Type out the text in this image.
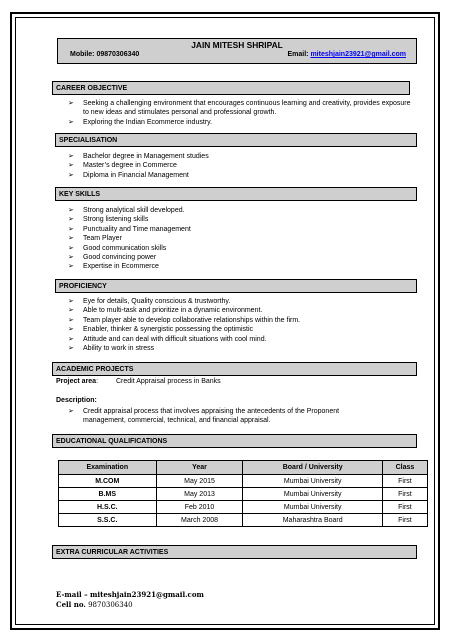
JAIN MITESH SHRIPAL
Mobile: 09870306340	Email: miteshjain23921@gmail.com
CAREER OBJECTIVE
➢ Seeking a challenging environment that encourages continuous learning and creativity, provides exposure to new ideas and stimulates personal and professional growth.
➢ Exploring the Indian Ecommerce industry.
SPECIALISATION
➢ Bachelor degree in Management studies
➢ Master’s degree in Commerce
➢ Diploma in Financial Management
KEY SKILLS
➢ Strong analytical skill developed.
➢ Strong listening skills
➢ Punctuality and Time management
➢ Team Player
➢ Good communication skills
➢ Good convincing power
➢ Expertise in Ecommerce
PROFICIENCY
➢ Eye for details, Quality conscious & trustworthy.
➢ Able to multi-task and prioritize in a dynamic environment.
➢ Team player able to develop collaborative relationships within the firm.
➢ Enabler, thinker & synergistic possessing the optimistic
➢ Attitude and can deal with difficult situations with cool mind.
➢ Ability to work in stress
ACADEMIC PROJECTS
Project area:	Credit Appraisal process in Banks
Description:
➢ Credit appraisal process that involves appraising the antecedents of the Proponent management, commercial, technical, and financial appraisal.
EDUCATIONAL QUALIFICATIONS
Examination	Year	Board / University	Class
M.COM	May 2015	Mumbai University	First
B.MS	May 2013	Mumbai University	First
H.S.C.	Feb 2010	Mumbai University	First
S.S.C.	March 2008	Maharashtra Board	First
EXTRA CURRICULAR ACTIVITIES
E-mail – miteshjain23921@gmail.com
Cell no. 9870306340
